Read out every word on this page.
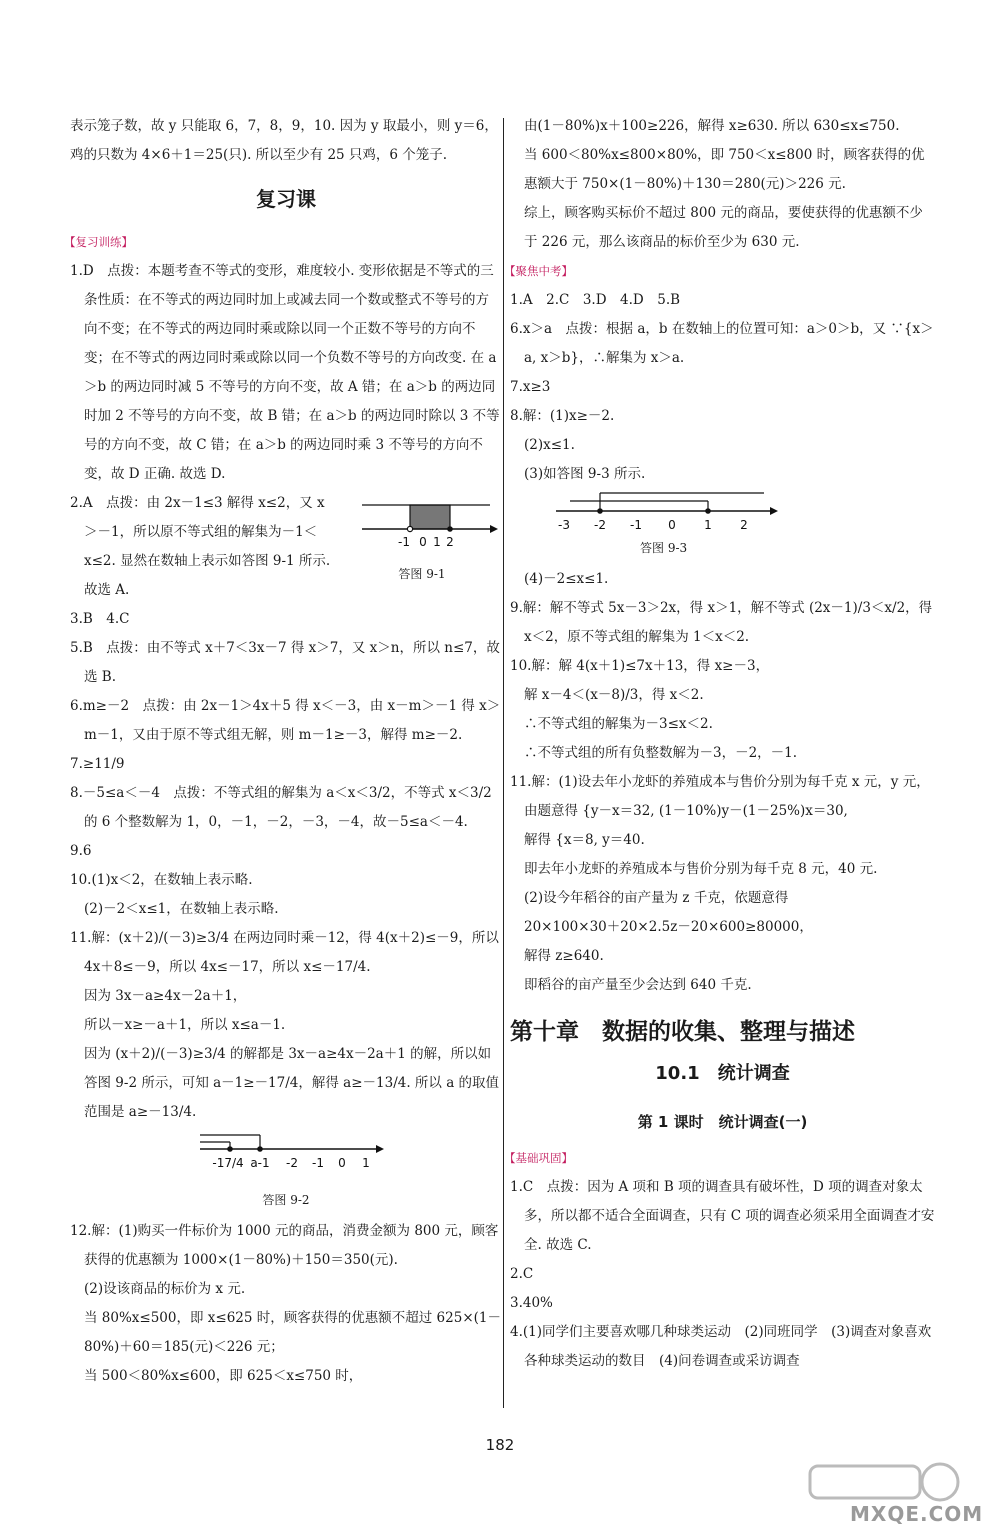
表示笼子数，故 y 只能取 6，7，8，9，10. 因为 y 取最小，则 y＝6，鸡的只数为 4×6＋1＝25(只). 所以至少有 25 只鸡，6 个笼子.

复习课
【复习训练】

1.D　点拨：本题考查不等式的变形，难度较小. 变形依据是不等式的三条性质：在不等式的两边同时加上或减去同一个数或整式不等号的方向不变；在不等式的两边同时乘或除以同一个正数不等号的方向不变；在不等式的两边同时乘或除以同一个负数不等号的方向改变. 在 a＞b 的两边同时减 5 不等号的方向不变，故 A 错；在 a＞b 的两边同时加 2 不等号的方向不变，故 B 错；在 a＞b 的两边同时除以 3 不等号的方向不变，故 C 错；在 a＞b 的两边同时乘 3 不等号的方向不变，故 D 正确. 故选 D.

2.A　点拨：由 2x－1≤3 解得 x≤2，又 x＞－1，所以原不等式组的解集为－1＜x≤2. 显然在数轴上表示如答图 9-1 所示. 故选 A.

-1 0 1 2
答图 9-1

3.B　4.C

5.B　点拨：由不等式 x＋7＜3x－7 得 x＞7，又 x＞n，所以 n≤7，故选 B.

6.m≥－2　点拨：由 2x－1＞4x＋5 得 x＜－3，由 x－m＞－1 得 x＞m－1，又由于原不等式组无解，则 m－1≥－3，解得 m≥－2.

7.≥11/9

8.－5≤a＜－4　点拨：不等式组的解集为 a＜x＜3/2，不等式 x＜3/2 的 6 个整数解为 1，0，－1，－2，－3，－4，故－5≤a＜－4.

9.6

10.(1)x＜2，在数轴上表示略.

(2)－2＜x≤1，在数轴上表示略.

11.解：(x＋2)/(－3)≥3/4 在两边同时乘－12，得 4(x＋2)≤－9，所以 4x＋8≤－9，所以 4x≤－17，所以 x≤－17/4.

因为 3x－a≥4x－2a＋1，

所以－x≥－a＋1，所以 x≤a－1.

因为 (x＋2)/(－3)≥3/4 的解都是 3x－a≥4x－2a＋1 的解，所以如答图 9-2 所示，可知 a－1≥－17/4，解得 a≥－13/4. 所以 a 的取值范围是 a≥－13/4.

-17/4 a-1 -2 -1 0 1
答图 9-2

12.解：(1)购买一件标价为 1000 元的商品，消费金额为 800 元，顾客获得的优惠额为 1000×(1－80%)＋150＝350(元).

(2)设该商品的标价为 x 元.

当 80%x≤500，即 x≤625 时，顾客获得的优惠额不超过 625×(1－80%)＋60＝185(元)＜226 元；

当 500＜80%x≤600，即 625＜x≤750 时，

由(1－80%)x＋100≥226，解得 x≥630. 所以 630≤x≤750.

当 600＜80%x≤800×80%，即 750＜x≤800 时，顾客获得的优惠额大于 750×(1－80%)＋130＝280(元)＞226 元.

综上，顾客购买标价不超过 800 元的商品，要使获得的优惠额不少于 226 元，那么该商品的标价至少为 630 元.

【聚焦中考】

1.A　2.C　3.D　4.D　5.B

6.x＞a　点拨：根据 a，b 在数轴上的位置可知：a＞0＞b，又 ∵{x＞a, x＞b}，∴解集为 x＞a.

7.x≥3

8.解：(1)x≥－2.

(2)x≤1.

(3)如答图 9-3 所示.

-3 -2 -1 0 1 2
答图 9-3

(4)－2≤x≤1.

9.解：解不等式 5x－3＞2x，得 x＞1，解不等式 (2x－1)/3＜x/2，得 x＜2，原不等式组的解集为 1＜x＜2.

10.解：解 4(x＋1)≤7x＋13，得 x≥－3，

解 x－4＜(x－8)/3，得 x＜2.

∴不等式组的解集为－3≤x＜2.

∴不等式组的所有负整数解为－3，－2，－1.

11.解：(1)设去年小龙虾的养殖成本与售价分别为每千克 x 元，y 元，

由题意得 {y－x＝32, (1－10%)y－(1－25%)x＝30,

解得 {x＝8, y＝40.

即去年小龙虾的养殖成本与售价分别为每千克 8 元，40 元.

(2)设今年稻谷的亩产量为 z 千克，依题意得

20×100×30＋20×2.5z－20×600≥80000，

解得 z≥640.

即稻谷的亩产量至少会达到 640 千克.

第十章　数据的收集、整理与描述
10.1　统计调查
第 1 课时　统计调查(一)
【基础巩固】

1.C　点拨：因为 A 项和 B 项的调查具有破坏性，D 项的调查对象太多，所以都不适合全面调查，只有 C 项的调查必须采用全面调查才安全. 故选 C.

2.C

3.40%

4.(1)同学们主要喜欢哪几种球类运动　(2)同班同学　(3)调查对象喜欢各种球类运动的数目　(4)问卷调查或采访调查

182
MXQE.COM
